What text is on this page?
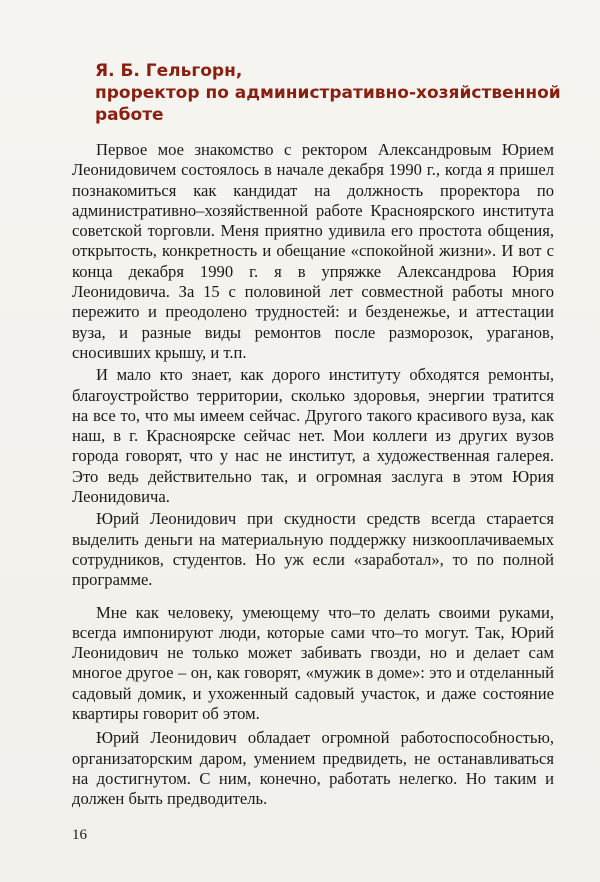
Я. Б. Гельгорн,
проректор по административно-хозяйственной
работе

Первое мое знакомство с ректором Александровым Юрием Леонидовичем состоялось в начале декабря 1990 г., когда я пришел познакомиться как кандидат на должность проректора по административно–хозяйственной работе Красноярского института советской торговли. Меня приятно удивила его простота общения, открытость, конкретность и обещание «спокойной жизни». И вот с конца декабря 1990 г. я в упряжке Александрова Юрия Леонидовича. За 15 с половиной лет совместной работы много пережито и преодолено трудностей: и безденежье, и аттестации вуза, и разные виды ремонтов после разморозок, ураганов, сносивших крышу, и т.п.

И мало кто знает, как дорого институту обходятся ремонты, благоустройство территории, сколько здоровья, энергии тратится на все то, что мы имеем сейчас. Другого такого красивого вуза, как наш, в г. Красноярске сейчас нет. Мои коллеги из других вузов города говорят, что у нас не институт, а художественная галерея. Это ведь действительно так, и огромная заслуга в этом Юрия Леонидовича.

Юрий Леонидович при скудности средств всегда старается выделить деньги на материальную поддержку низкооплачиваемых сотрудников, студентов. Но уж если «заработал», то по полной программе.

Мне как человеку, умеющему что–то делать своими руками, всегда импонируют люди, которые сами что–то могут. Так, Юрий Леонидович не только может забивать гвозди, но и делает сам многое другое – он, как говорят, «мужик в доме»: это и отделанный садовый домик, и ухоженный садовый участок, и даже состояние квартиры говорит об этом.

Юрий Леонидович обладает огромной работоспособностью, организаторским даром, умением предвидеть, не останавливаться на достигнутом. С ним, конечно, работать нелегко. Но таким и должен быть предводитель.

16
